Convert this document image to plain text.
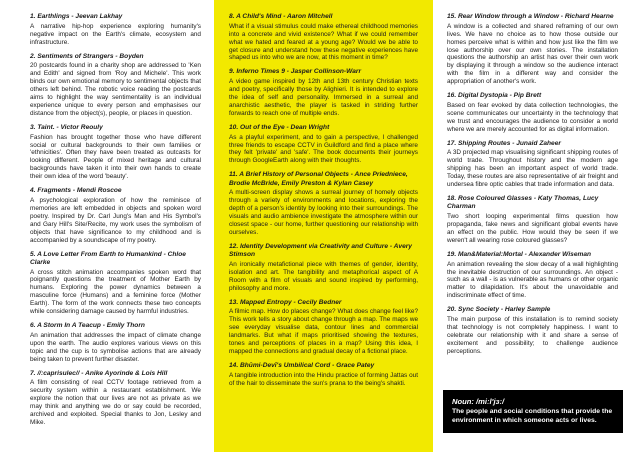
1. Earthlings - Jeevan Lakhay
A narrative hip-hop experience exploring humanity's negative impact on the Earth's climate, ecosystem and infrastructure.
2. Sentiments of Strangers - Boyden
20 postcards found in a charity shop are addressed to 'Ken and Edith' and signed from 'Roy and Michele'. This work binds our own emotional memory to sentimental objects that others left behind. The robotic voice reading the postcards aims to highlight the way sentimentality is an individual experience unique to every person and emphasises our distance from the object(s), people, or places in question.
3. Taint. - Victor Reouly
Fashion has brought together those who have different social or cultural backgrounds to their own families or 'ethnicities'. Often they have been treated as outcasts for looking different. People of mixed heritage and cultural backgrounds have taken it into their own hands to create their own idea of the word 'beauty'.
4. Fragments - Mendi Roscoe
A psychological exploration of how the reminisce of memories are left embedded in objects and spoken word poetry. Inspired by Dr. Carl Jung's Man and His Symbol's and Gary Hill's Site/Recite, my work uses the symbolism of objects that have significance to my childhood and is accompanied by a soundscape of my poetry.
5. A Love Letter From Earth to Humankind - Chloe Clarke
A cross stitch animation accompanies spoken word that poignantly questions the treatment of Mother Earth by humans. Exploring the power dynamics between a masculine force (Humans) and a feminine force (Mother Earth). The form of the work connects these two concepts while considering damage caused by harmful industries.
6. A Storm In A Teacup - Emily Thorn
An animation that addresses the impact of climate change upon the earth. The audio explores various views on this topic and the cup is to symbolise actions that are already being taken to prevent further disaster.
7. //:caprisulec// - Anike Ayorinde & Lois Hill
A film consisting of real CCTV footage retrieved from a security system within a restaurant establishment. We explore the notion that our lives are not as private as we may think and anything we do or say could be recorded, archived and exploited. Special thanks to Jon, Lesley and Mike.
8. A Child's Mind - Aaron Mitchell
What if a visual stimulus could make ethereal childhood memories into a concrete and vivid existence? What if we could remember what we hated and feared at a young age? Would we be able to get closure and understand how these negative experiences have shaped us into who we are now, at this moment in time?
9. Inferno Times 9 - Jasper Collinson-Warr
A video game inspired by 12th and 13th century Christian texts and poetry, specifically those by Alighieri. It is intended to explore the idea of self and personality. Immersed in a surreal and anarchistic aesthetic, the player is tasked in striding further forwards to reach one of multiple ends.
10. Out of the Eye - Dean Wright
As a playful experiment, and to gain a perspective, I challenged three friends to escape CCTV in Guildford and find a place where they felt 'private' and 'safe'. The book documents their journeys through GoogleEarth along with their thoughts.
11. A Brief History of Personal Objects - Ance Priedniece, Brodie McBride, Emily Preston & Kylan Casey
A multi-screen display shows a surreal journey of homely objects through a variety of environments and locations, exploring the depth of a person's identity by looking into their surroundings. The visuals and audio ambience investigate the atmosphere within our closest space - our home, further questioning our relationship with ourselves.
12. Identity Development via Creativity and Culture - Avery Stimson
An ironically metafictional piece with themes of gender, identity, isolation and art. The tangibility and metaphorical aspect of A Room with a film of visuals and sound inspired by performing, philosophy and more.
13. Mapped Entropy - Cecily Bedner
A filmic map. How do places change? What does change feel like? This work tells a story about change through a map. The maps we see everyday visualise data, contour lines and commercial landmarks. But what if maps prioritised showing the textures, tones and perceptions of places in a map? Using this idea, I mapped the connections and gradual decay of a fictional place.
14. Bhūmi-Devī's Umbilical Cord - Grace Patey
A tangible introduction into the Hindu practice of forming Jattas out of the hair to disseminate the sun's prana to the being's shakti.
15. Rear Window through a Window - Richard Hearne
A window is a collected and shared reframing of our own lives. We have no choice as to how those outside our homes perceive what is within and how just like the film we lose authorship over our own stories. The installation questions the authorship an artist has over their own work by displaying it through a window so the audience interact with the film in a different way and consider the appropriation of another's work.
16. Digital Dystopia - Pip Brett
Based on fear evoked by data collection technologies, the scene communicates our uncertainty in the technology that we trust and encourages the audience to consider a world where we are merely accounted for as digital information.
17. Shipping Routes - Junaid Zaheer
A 3D projected map visualising significant shipping routes of world trade. Throughout history and the modern age shipping has been an important aspect of world trade. Today, these routes are also representative of air freight and undersea fibre optic cables that trade information and data.
18. Rose Coloured Glasses - Katy Thomas, Lucy Charman
Two short looping experimental films question how propaganda, fake news and significant global events have an effect on the public. How would they be seen if we weren't all wearing rose coloured glasses?
19. Man&Material:Mortal - Alexander Wiseman
An animation revealing the slow decay of a wall highlighting the inevitable destruction of our surroundings. An object - such as a wall - is as vulnerable as humans or other organic matter to dilapidation. It's about the unavoidable and indiscriminate effect of time.
20. Sync Society - Harley Sample
The main purpose of this installation is to remind society that technology is not completely happiness. I want to celebrate our relationship with it and share a sense of excitement and possibility; to challenge audience perceptions.
Noun: /miːl'jɜː/
The people and social conditions that provide the environment in which someone acts or lives.
